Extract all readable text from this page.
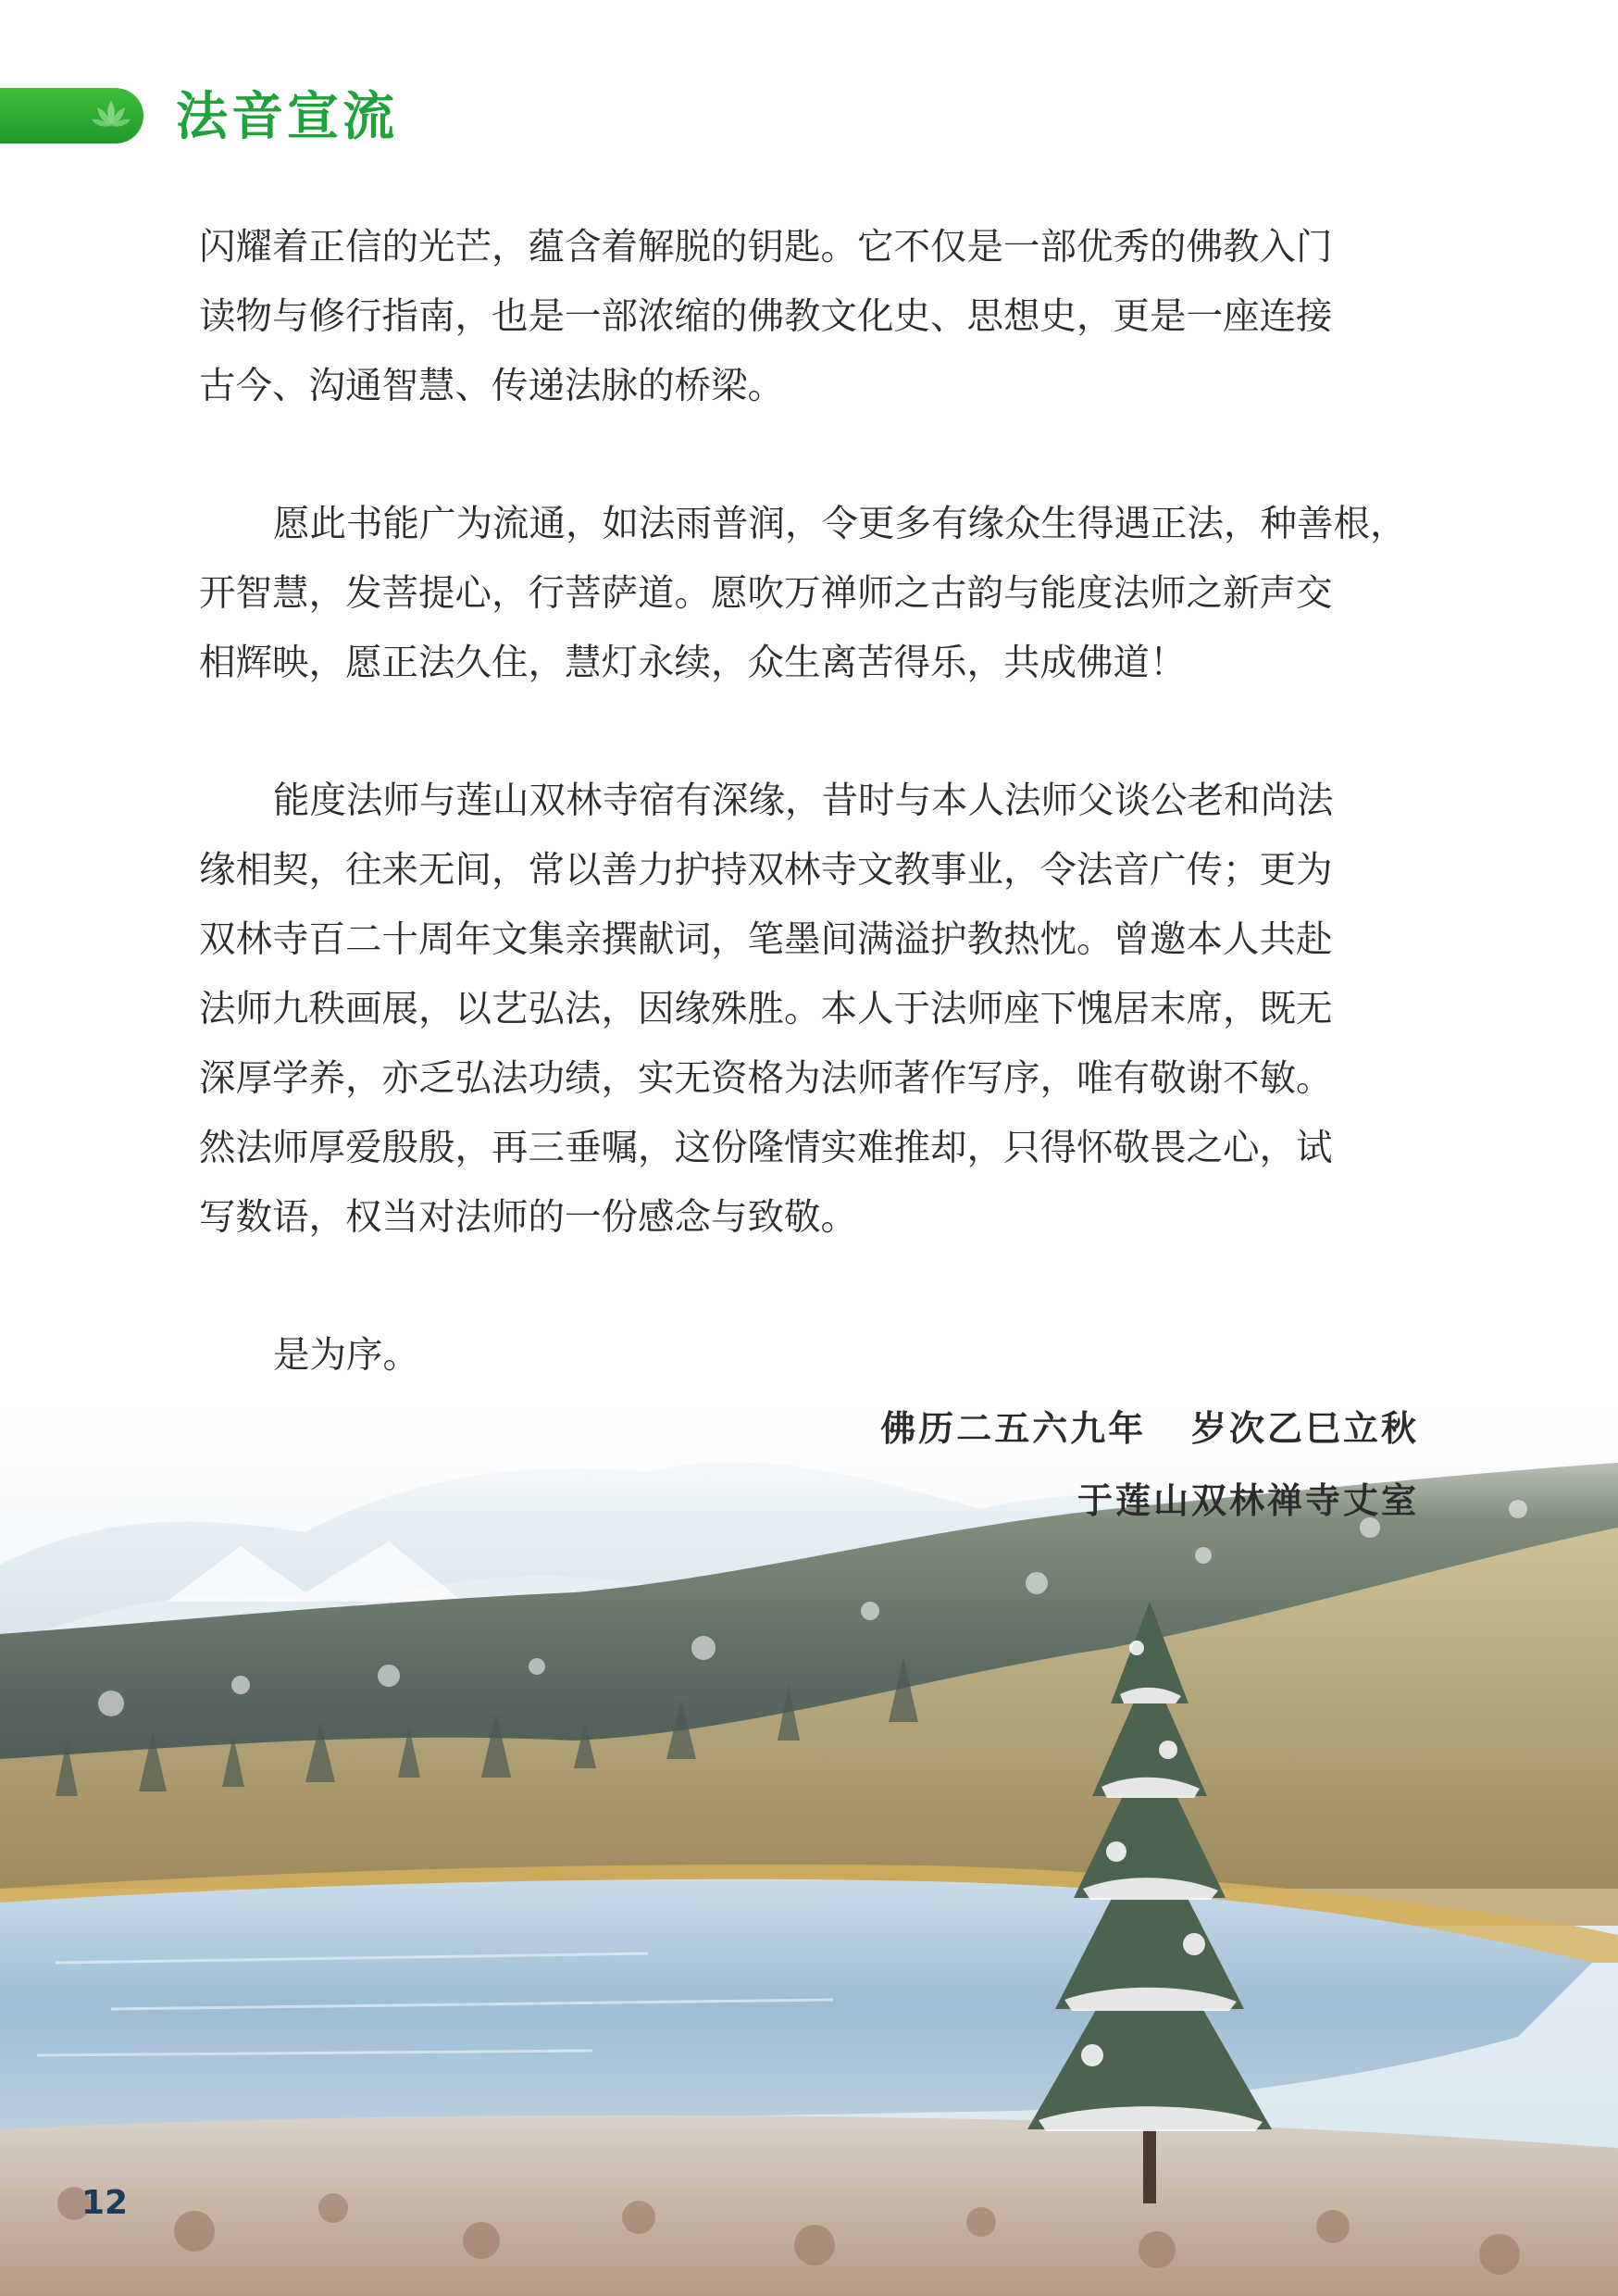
法音宣流

闪耀着正信的光芒，蕴含着解脱的钥匙。它不仅是一部优秀的佛教入门
读物与修行指南，也是一部浓缩的佛教文化史、思想史，更是一座连接
古今、沟通智慧、传递法脉的桥梁。

愿此书能广为流通，如法雨普润，令更多有缘众生得遇正法，种善根，
开智慧，发菩提心，行菩萨道。愿吹万禅师之古韵与能度法师之新声交
相辉映，愿正法久住，慧灯永续，众生离苦得乐，共成佛道！

能度法师与莲山双林寺宿有深缘，昔时与本人法师父谈公老和尚法
缘相契，往来无间，常以善力护持双林寺文教事业，令法音广传；更为
双林寺百二十周年文集亲撰献词，笔墨间满溢护教热忱。曾邀本人共赴
法师九秩画展，以艺弘法，因缘殊胜。本人于法师座下愧居末席，既无
深厚学养，亦乏弘法功绩，实无资格为法师著作写序，唯有敬谢不敏。
然法师厚爱殷殷，再三垂嘱，这份隆情实难推却，只得怀敬畏之心，试
写数语，权当对法师的一份感念与致敬。

是为序。

佛历二五六九年   岁次乙巳立秋
于莲山双林禅寺丈室

12
